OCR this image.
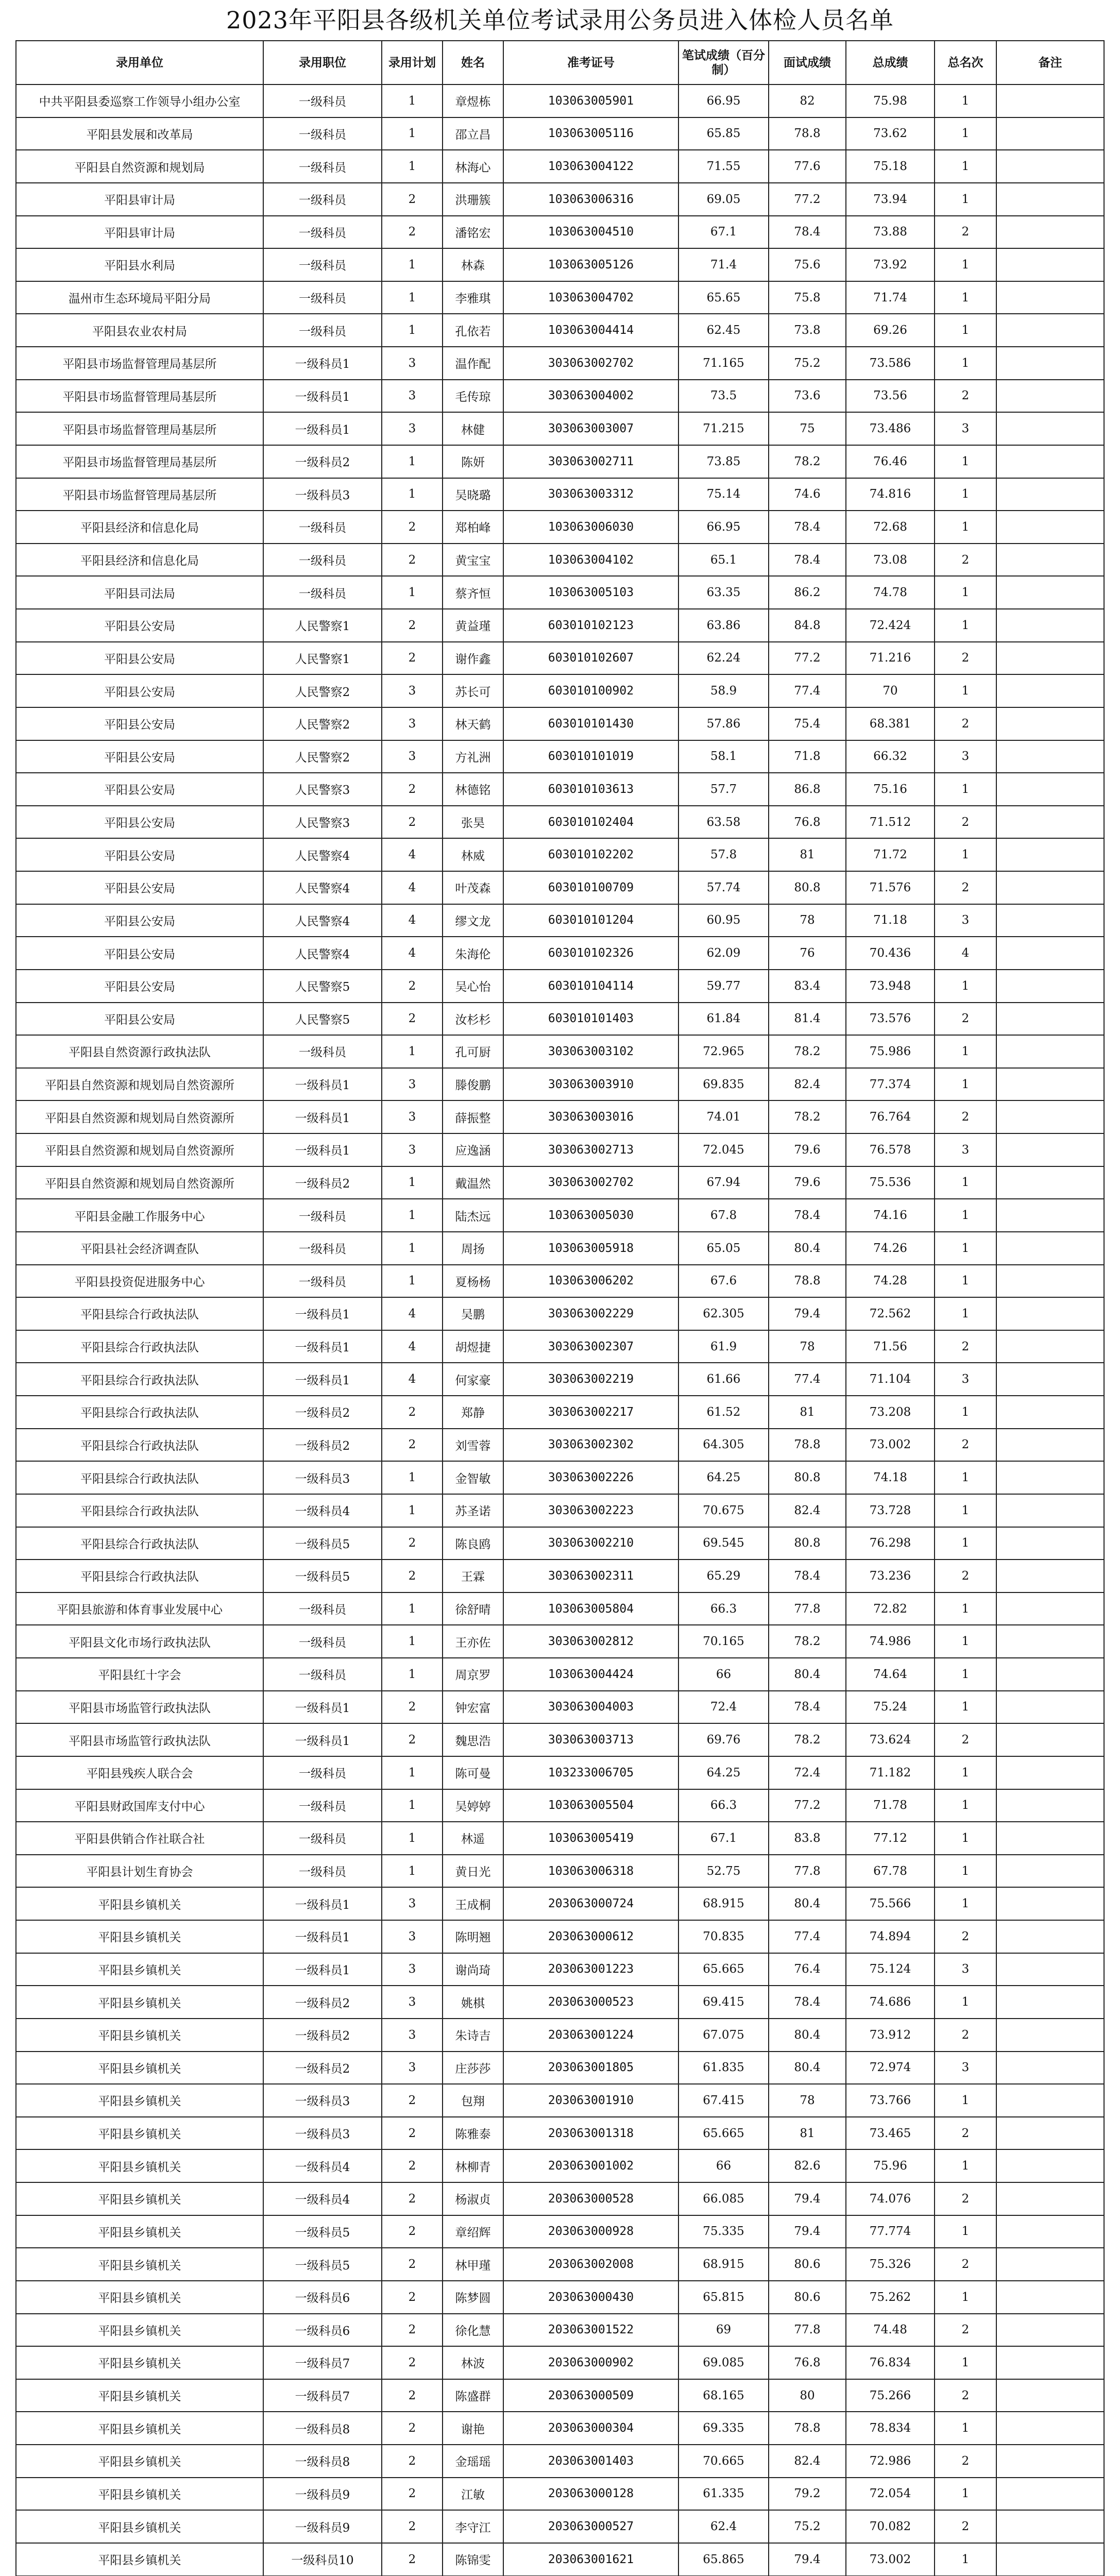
2023年平阳县各级机关单位考试录用公务员进入体检人员名单
录用单位	录用职位	录用计划	姓名	准考证号	笔试成绩（百分制）	面试成绩	总成绩	总名次	备注
中共平阳县委巡察工作领导小组办公室	一级科员	1	章煜栋	103063005901	66.95	82	75.98	1	
平阳县发展和改革局	一级科员	1	邵立昌	103063005116	65.85	78.8	73.62	1	
平阳县自然资源和规划局	一级科员	1	林海心	103063004122	71.55	77.6	75.18	1	
平阳县审计局	一级科员	2	洪珊簇	103063006316	69.05	77.2	73.94	1	
平阳县审计局	一级科员	2	潘铭宏	103063004510	67.1	78.4	73.88	2	
平阳县水利局	一级科员	1	林森	103063005126	71.4	75.6	73.92	1	
温州市生态环境局平阳分局	一级科员	1	李雅琪	103063004702	65.65	75.8	71.74	1	
平阳县农业农村局	一级科员	1	孔依若	103063004414	62.45	73.8	69.26	1	
平阳县市场监督管理局基层所	一级科员1	3	温作配	303063002702	71.165	75.2	73.586	1	
平阳县市场监督管理局基层所	一级科员1	3	毛传琼	303063004002	73.5	73.6	73.56	2	
平阳县市场监督管理局基层所	一级科员1	3	林健	303063003007	71.215	75	73.486	3	
平阳县市场监督管理局基层所	一级科员2	1	陈妍	303063002711	73.85	78.2	76.46	1	
平阳县市场监督管理局基层所	一级科员3	1	吴晓璐	303063003312	75.14	74.6	74.816	1	
平阳县经济和信息化局	一级科员	2	郑柏峰	103063006030	66.95	78.4	72.68	1	
平阳县经济和信息化局	一级科员	2	黄宝宝	103063004102	65.1	78.4	73.08	2	
平阳县司法局	一级科员	1	蔡齐恒	103063005103	63.35	86.2	74.78	1	
平阳县公安局	人民警察1	2	黄益瑾	603010102123	63.86	84.8	72.424	1	
平阳县公安局	人民警察1	2	谢作鑫	603010102607	62.24	77.2	71.216	2	
平阳县公安局	人民警察2	3	苏长可	603010100902	58.9	77.4	70	1	
平阳县公安局	人民警察2	3	林天鹤	603010101430	57.86	75.4	68.381	2	
平阳县公安局	人民警察2	3	方礼洲	603010101019	58.1	71.8	66.32	3	
平阳县公安局	人民警察3	2	林德铭	603010103613	57.7	86.8	75.16	1	
平阳县公安局	人民警察3	2	张昊	603010102404	63.58	76.8	71.512	2	
平阳县公安局	人民警察4	4	林威	603010102202	57.8	81	71.72	1	
平阳县公安局	人民警察4	4	叶茂森	603010100709	57.74	80.8	71.576	2	
平阳县公安局	人民警察4	4	缪文龙	603010101204	60.95	78	71.18	3	
平阳县公安局	人民警察4	4	朱海伦	603010102326	62.09	76	70.436	4	
平阳县公安局	人民警察5	2	吴心怡	603010104114	59.77	83.4	73.948	1	
平阳县公安局	人民警察5	2	汝杉杉	603010101403	61.84	81.4	73.576	2	
平阳县自然资源行政执法队	一级科员	1	孔可厨	303063003102	72.965	78.2	75.986	1	
平阳县自然资源和规划局自然资源所	一级科员1	3	滕俊鹏	303063003910	69.835	82.4	77.374	1	
平阳县自然资源和规划局自然资源所	一级科员1	3	薛振整	303063003016	74.01	78.2	76.764	2	
平阳县自然资源和规划局自然资源所	一级科员1	3	应逸涵	303063002713	72.045	79.6	76.578	3	
平阳县自然资源和规划局自然资源所	一级科员2	1	戴温然	303063002702	67.94	79.6	75.536	1	
平阳县金融工作服务中心	一级科员	1	陆杰远	103063005030	67.8	78.4	74.16	1	
平阳县社会经济调查队	一级科员	1	周扬	103063005918	65.05	80.4	74.26	1	
平阳县投资促进服务中心	一级科员	1	夏杨杨	103063006202	67.6	78.8	74.28	1	
平阳县综合行政执法队	一级科员1	4	吴鹏	303063002229	62.305	79.4	72.562	1	
平阳县综合行政执法队	一级科员1	4	胡煜捷	303063002307	61.9	78	71.56	2	
平阳县综合行政执法队	一级科员1	4	何家豪	303063002219	61.66	77.4	71.104	3	
平阳县综合行政执法队	一级科员2	2	郑静	303063002217	61.52	81	73.208	1	
平阳县综合行政执法队	一级科员2	2	刘雪蓉	303063002302	64.305	78.8	73.002	2	
平阳县综合行政执法队	一级科员3	1	金智敏	303063002226	64.25	80.8	74.18	1	
平阳县综合行政执法队	一级科员4	1	苏圣诺	303063002223	70.675	82.4	73.728	1	
平阳县综合行政执法队	一级科员5	2	陈良鸥	303063002210	69.545	80.8	76.298	1	
平阳县综合行政执法队	一级科员5	2	王霖	303063002311	65.29	78.4	73.236	2	
平阳县旅游和体育事业发展中心	一级科员	1	徐舒晴	103063005804	66.3	77.8	72.82	1	
平阳县文化市场行政执法队	一级科员	1	王亦佐	303063002812	70.165	78.2	74.986	1	
平阳县红十字会	一级科员	1	周京罗	103063004424	66	80.4	74.64	1	
平阳县市场监管行政执法队	一级科员1	2	钟宏富	303063004003	72.4	78.4	75.24	1	
平阳县市场监管行政执法队	一级科员1	2	魏思浩	303063003713	69.76	78.2	73.624	2	
平阳县残疾人联合会	一级科员	1	陈可曼	103233006705	64.25	72.4	71.182	1	
平阳县财政国库支付中心	一级科员	1	吴婷婷	103063005504	66.3	77.2	71.78	1	
平阳县供销合作社联合社	一级科员	1	林遥	103063005419	67.1	83.8	77.12	1	
平阳县计划生育协会	一级科员	1	黄日光	103063006318	52.75	77.8	67.78	1	
平阳县乡镇机关	一级科员1	3	王成桐	203063000724	68.915	80.4	75.566	1	
平阳县乡镇机关	一级科员1	3	陈明翘	203063000612	70.835	77.4	74.894	2	
平阳县乡镇机关	一级科员1	3	谢尚琦	203063001223	65.665	76.4	75.124	3	
平阳县乡镇机关	一级科员2	3	姚棋	203063000523	69.415	78.4	74.686	1	
平阳县乡镇机关	一级科员2	3	朱诗吉	203063001224	67.075	80.4	73.912	2	
平阳县乡镇机关	一级科员2	3	庄莎莎	203063001805	61.835	80.4	72.974	3	
平阳县乡镇机关	一级科员3	2	包翔	203063001910	67.415	78	73.766	1	
平阳县乡镇机关	一级科员3	2	陈雅泰	203063001318	65.665	81	73.465	2	
平阳县乡镇机关	一级科员4	2	林柳青	203063001002	66	82.6	75.96	1	
平阳县乡镇机关	一级科员4	2	杨淑贞	203063000528	66.085	79.4	74.076	2	
平阳县乡镇机关	一级科员5	2	章绍辉	203063000928	75.335	79.4	77.774	1	
平阳县乡镇机关	一级科员5	2	林甲瑾	203063002008	68.915	80.6	75.326	2	
平阳县乡镇机关	一级科员6	2	陈梦圆	203063000430	65.815	80.6	75.262	1	
平阳县乡镇机关	一级科员6	2	徐化慧	203063001522	69	77.8	74.48	2	
平阳县乡镇机关	一级科员7	2	林波	203063000902	69.085	76.8	76.834	1	
平阳县乡镇机关	一级科员7	2	陈盛群	203063000509	68.165	80	75.266	2	
平阳县乡镇机关	一级科员8	2	谢艳	203063000304	69.335	78.8	78.834	1	
平阳县乡镇机关	一级科员8	2	金瑶瑶	203063001403	70.665	82.4	72.986	2	
平阳县乡镇机关	一级科员9	2	江敏	203063000128	61.335	79.2	72.054	1	
平阳县乡镇机关	一级科员9	2	李守江	203063000527	62.4	75.2	70.082	2	
平阳县乡镇机关	一级科员10	2	陈锦雯	203063001621	65.865	79.4	73.002	1	
